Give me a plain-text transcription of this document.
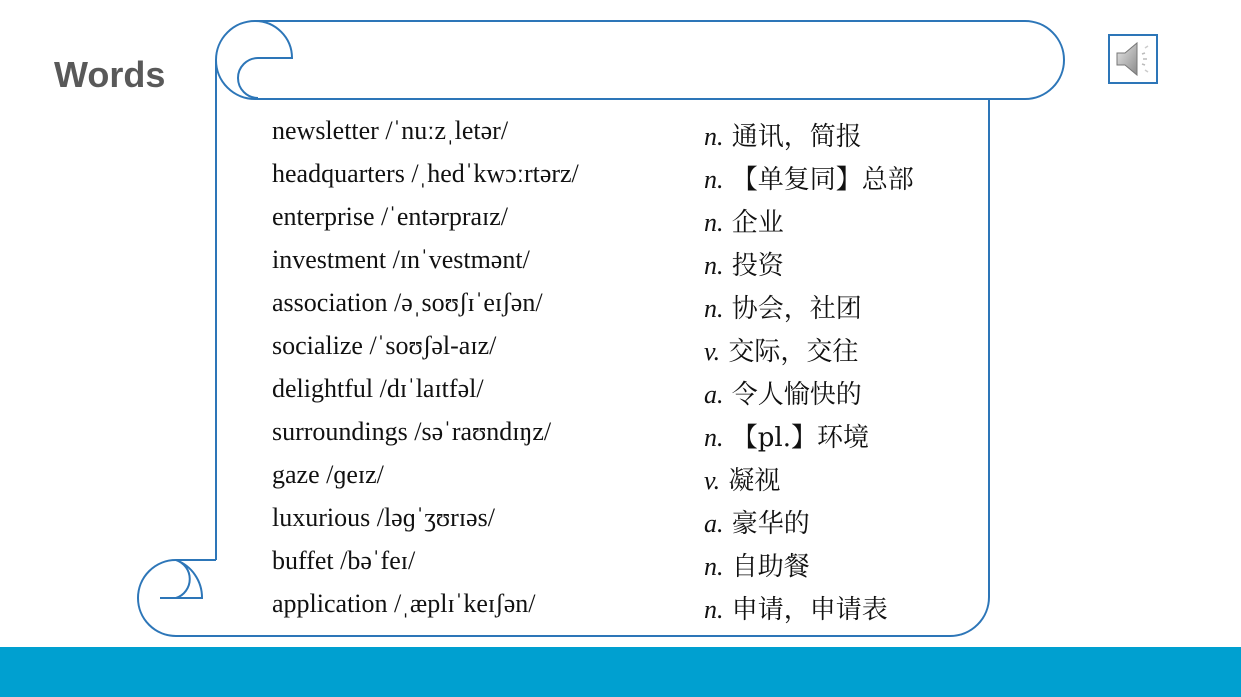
Words
newsletter /ˈnuːzˌletər/	n. 通讯，简报
headquarters /ˌhedˈkwɔːrtərz/	n. 【单复同】总部
enterprise /ˈentərpraɪz/	n. 企业
investment /ɪnˈvestmənt/	n. 投资
association /əˌsoʊʃɪˈeɪʃən/	n. 协会，社团
socialize /ˈsoʊʃəl-aɪz/	v. 交际，交往
delightful /dɪˈlaɪtfəl/	a. 令人愉快的
surroundings /səˈraʊndɪŋz/	n. 【pl.】环境
gaze /ɡeɪz/	v. 凝视
luxurious /ləɡˈʒʊrɪəs/	a. 豪华的
buffet /bəˈfeɪ/	n. 自助餐
application /ˌæplɪˈkeɪʃən/	n. 申请，申请表
